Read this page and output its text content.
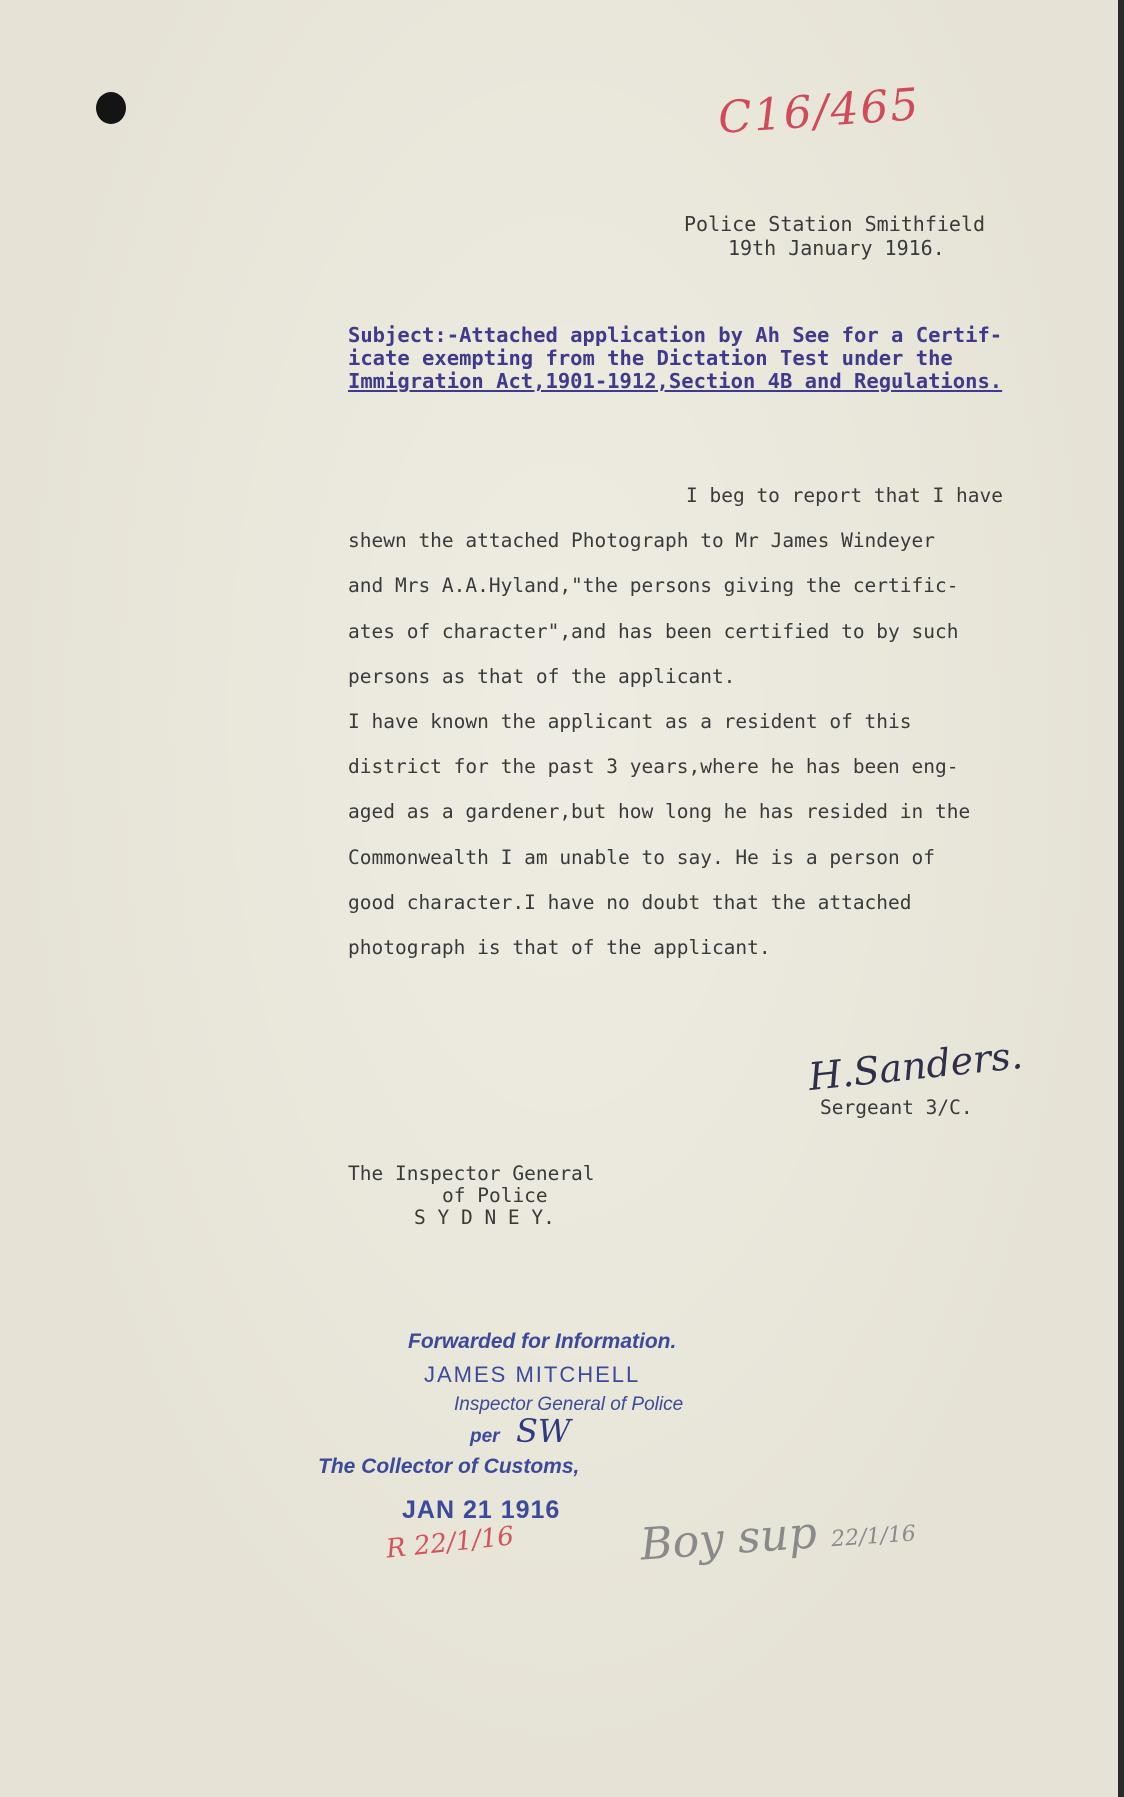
C16/465
Police Station Smithfield
19th January 1916.
Subject:-Attached application by Ah See for a Certif-
icate exempting from the Dictation Test under the
Immigration Act,1901-1912,Section 4B and Regulations.
I beg to report that I have
shewn the attached Photograph to Mr James Windeyer
and Mrs A.A.Hyland,"the persons giving the certific-
ates of character",and has been certified to by such
persons as that of the applicant.
I have known the applicant as a resident of this
district for the past 3 years,where he has been eng-
aged as a gardener,but how long he has resided in the
Commonwealth I am unable to say. He is a person of
good character.I have no doubt that the attached
photograph is that of the applicant.
H.Sanders.
Sergeant 3/C.
The Inspector General
of Police
S Y D N E Y.
Forwarded for Information.
JAMES MITCHELL
Inspector General of Police
per SW
The Collector of Customs,
JAN 21 1916
R 22/1/16	Boy sup 22/1/16
